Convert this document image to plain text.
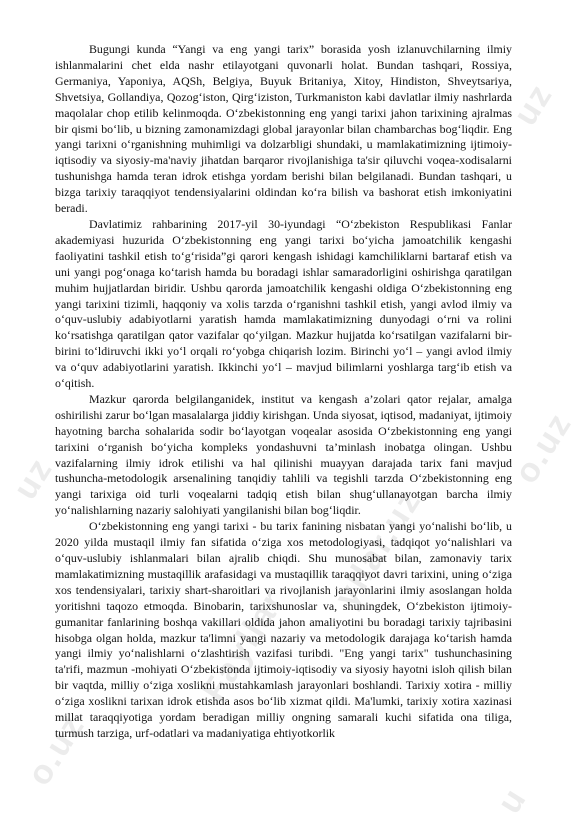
uz
o.uz
Fayllar
yllar.uz
o.uz
uz
u

Bugungi kunda “Yangi va eng yangi tarix” borasida yosh izlanuvchilarning ilmiy ishlanmalarini chet elda nashr etilayotgani quvonarli holat. Bundan tashqari, Rossiya, Germaniya, Yaponiya, AQSh, Belgiya, Buyuk Britaniya, Xitoy, Hindiston, Shveytsariya, Shvetsiya, Gollandiya, Qozog‘iston, Qirg‘iziston, Turkmaniston kabi davlatlar ilmiy nashrlarda maqolalar chop etilib kelinmoqda. O‘zbekistonning eng yangi tarixi jahon tarixining ajralmas bir qismi bo‘lib, u bizning zamonamizdagi global jarayonlar bilan chambarchas bog‘liqdir. Eng yangi tarixni o‘rganishning muhimligi va dolzarbligi shundaki, u mamlakatimizning ijtimoiy-iqtisodiy va siyosiy-ma'naviy jihatdan barqaror rivojlanishiga ta'sir qiluvchi voqea-xodisalarni tushunishga hamda teran idrok etishga yordam berishi bilan belgilanadi. Bundan tashqari, u bizga tarixiy taraqqiyot tendensiyalarini oldindan ko‘ra bilish va bashorat etish imkoniyatini beradi.

Davlatimiz rahbarining 2017-yil 30-iyundagi “O‘zbekiston Respublikasi Fanlar akademiyasi huzurida O‘zbekistonning eng yangi tarixi bo‘yicha jamoatchilik kengashi faoliyatini tashkil etish to‘g‘risida”gi qarori kengash ishidagi kamchiliklarni bartaraf etish va uni yangi pog‘onaga ko‘tarish hamda bu boradagi ishlar samaradorligini oshirishga qaratilgan muhim hujjatlardan biridir. Ushbu qarorda jamoatchilik kengashi oldiga O‘zbekistonning eng yangi tarixini tizimli, haqqoniy va xolis tarzda o‘rganishni tashkil etish, yangi avlod ilmiy va o‘quv-uslubiy adabiyotlarni yaratish hamda mamlakatimizning dunyodagi o‘rni va rolini ko‘rsatishga qaratilgan qator vazifalar qo‘yilgan. Mazkur hujjatda ko‘rsatilgan vazifalarni bir-birini to‘ldiruvchi ikki yo‘l orqali ro‘yobga chiqarish lozim. Birinchi yo‘l – yangi avlod ilmiy va o‘quv adabiyotlarini yaratish. Ikkinchi yo‘l – mavjud bilimlarni yoshlarga targ‘ib etish va o‘qitish.

Mazkur qarorda belgilanganidek, institut va kengash a’zolari qator rejalar, amalga oshirilishi zarur bo‘lgan masalalarga jiddiy kirishgan. Unda siyosat, iqtisod, madaniyat, ijtimoiy hayotning barcha sohalarida sodir bo‘layotgan voqealar asosida O‘zbekistonning eng yangi tarixini o‘rganish bo‘yicha kompleks yondashuvni ta’minlash inobatga olingan. Ushbu vazifalarning ilmiy idrok etilishi va hal qilinishi muayyan darajada tarix fani mavjud tushuncha-metodologik arsenalining tanqidiy tahlili va tegishli tarzda O‘zbekistonning eng yangi tarixiga oid turli voqealarni tadqiq etish bilan shug‘ullanayotgan barcha ilmiy yo‘nalishlarning nazariy salohiyati yangilanishi bilan bog‘liqdir.

O‘zbekistonning eng yangi tarixi - bu tarix fanining nisbatan yangi yo‘nalishi bo‘lib, u 2020 yilda mustaqil ilmiy fan sifatida o‘ziga xos metodologiyasi, tadqiqot yo‘nalishlari va o‘quv-uslubiy ishlanmalari bilan ajralib chiqdi. Shu munosabat bilan, zamonaviy tarix mamlakatimizning mustaqillik arafasidagi va mustaqillik taraqqiyot davri tarixini, uning o‘ziga xos tendensiyalari, tarixiy shart-sharoitlari va rivojlanish jarayonlarini ilmiy asoslangan holda yoritishni taqozo etmoqda. Binobarin, tarixshunoslar va, shuningdek, O‘zbekiston ijtimoiy-gumanitar fanlarining boshqa vakillari oldida jahon amaliyotini bu boradagi tarixiy tajribasini hisobga olgan holda, mazkur ta'limni yangi nazariy va metodologik darajaga ko‘tarish hamda yangi ilmiy yo‘nalishlarni o‘zlashtirish vazifasi turibdi. "Eng yangi tarix" tushunchasining ta'rifi, mazmun -mohiyati O‘zbekistonda ijtimoiy-iqtisodiy va siyosiy hayotni isloh qilish bilan bir vaqtda, milliy o‘ziga xoslikni mustahkamlash jarayonlari boshlandi. Tarixiy xotira - milliy o‘ziga xoslikni tarixan idrok etishda asos bo‘lib xizmat qildi. Ma'lumki, tarixiy xotira xazinasi millat taraqqiyotiga yordam beradigan milliy ongning samarali kuchi sifatida ona tiliga, turmush tarziga, urf-odatlari va madaniyatiga ehtiyotkorlik
